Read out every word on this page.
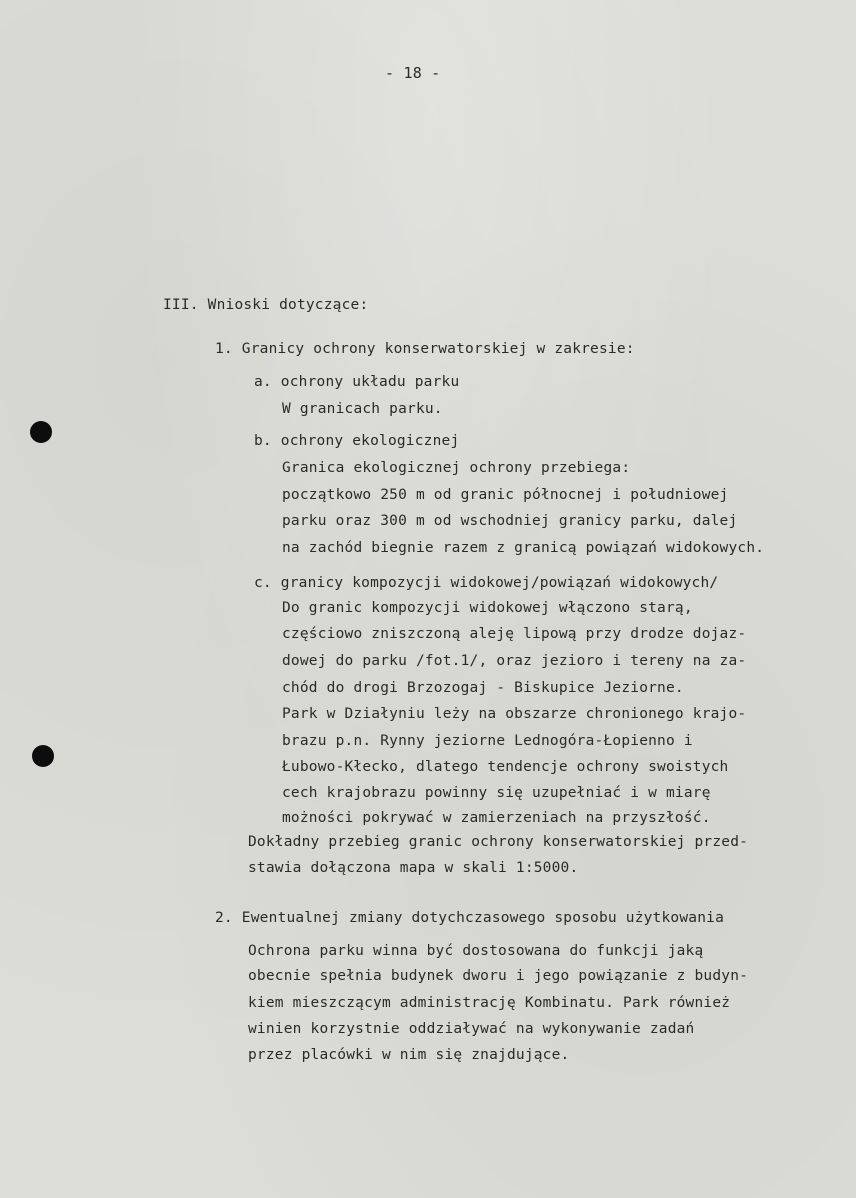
- 18 -
III. Wnioski dotyczące:
1. Granicy ochrony konserwatorskiej w zakresie:
a. ochrony układu parku
W granicach parku.
b. ochrony ekologicznej
Granica ekologicznej ochrony przebiega:
początkowo 250 m od granic północnej i południowej
parku oraz 300 m od wschodniej granicy parku, dalej
na zachód biegnie razem z granicą powiązań widokowych.
c. granicy kompozycji widokowej/powiązań widokowych/
Do granic kompozycji widokowej włączono starą,
częściowo zniszczoną aleję lipową przy drodze dojaz-
dowej do parku /fot.1/, oraz jezioro i tereny na za-
chód do drogi Brzozogaj - Biskupice Jeziorne.
Park w Działyniu leży na obszarze chronionego krajo-
brazu p.n. Rynny jeziorne Lednogóra-Łopienno i
Łubowo-Kłecko, dlatego tendencje ochrony swoistych
cech krajobrazu powinny się uzupełniać i w miarę
możności pokrywać w zamierzeniach na przyszłość.
Dokładny przebieg granic ochrony konserwatorskiej przed-
stawia dołączona mapa w skali 1:5000.
2. Ewentualnej zmiany dotychczasowego sposobu użytkowania
Ochrona parku winna być dostosowana do funkcji jaką
obecnie spełnia budynek dworu i jego powiązanie z budyn-
kiem mieszczącym administrację Kombinatu. Park również
winien korzystnie oddziaływać na wykonywanie zadań
przez placówki w nim się znajdujące.
